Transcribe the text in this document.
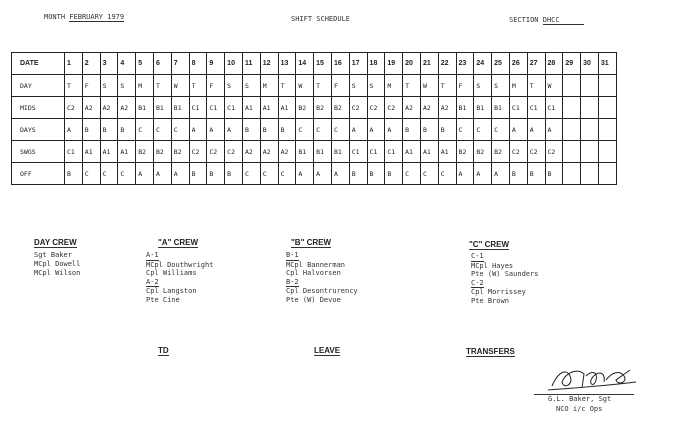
MONTH FEBRUARY 1979	SHIFT SCHEDULE	SECTION DHCC
DATE	1	2	3	4	5	6	7	8	9	10	11	12	13	14	15	16	17	18	19	20	21	22	23	24	25	26	27	28	29	30	31
DAY	T	F	S	S	M	T	W	T	F	S	S	M	T	W	T	F	S	S	M	T	W	T	F	S	S	M	T	W			
MIDS	C2	A2	A2	A2	B1	B1	B1	C1	C1	C1	A1	A1	A1	B2	B2	B2	C2	C2	C2	A2	A2	A2	B1	B1	B1	C1	C1	C1			
DAYS	A	B	B	B	C	C	C	A	A	A	B	B	B	C	C	C	A	A	A	B	B	B	C	C	C	A	A	A			
SWGS	C1	A1	A1	A1	B2	B2	B2	C2	C2	C2	A2	A2	A2	B1	B1	B1	C1	C1	C1	A1	A1	A1	B2	B2	B2	C2	C2	C2			
OFF	B	C	C	C	A	A	A	B	B	B	C	C	C	A	A	A	B	B	B	C	C	C	A	A	A	B	B	B			
DAY CREW
Sgt Baker
MCpl Dowell
MCpl Wilson
"A" CREW
A-1
MCpl Douthwright
Cpl Williams
A-2
Cpl Langston
Pte Cine
"B" CREW
B-1
MCpl Bannerman
Cpl Halvorsen
B-2
Cpl Desontrurency
Pte (W) Devoe
"C" CREW
C-1
MCpl Hayes
Pte (W) Saunders
C-2
Cpl Morrissey
Pte Brown
TD	LEAVE	TRANSFERS
G.L. Baker, Sgt
NCO i/c Ops
